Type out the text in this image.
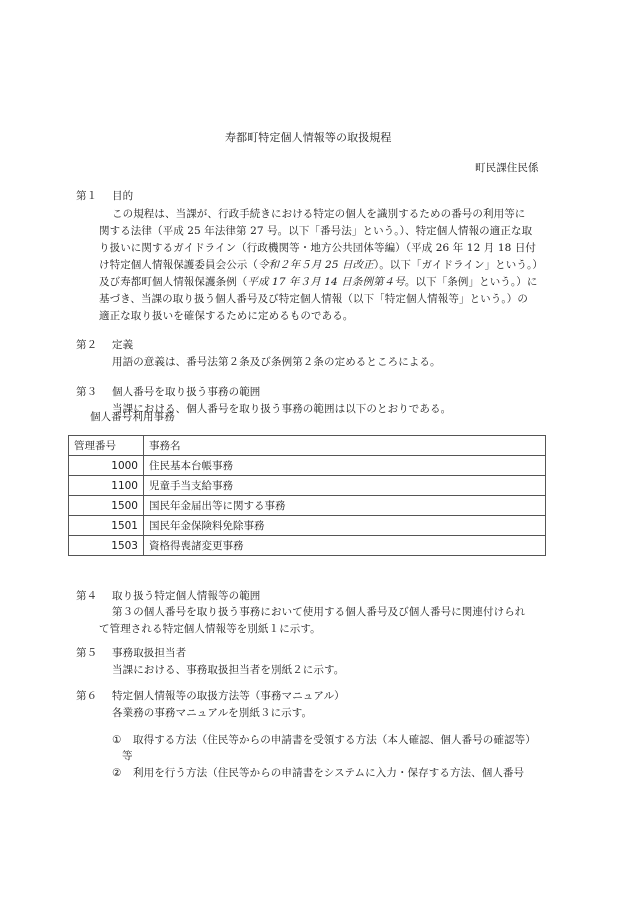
寿都町特定個人情報等の取扱規程
町民課住民係
第１ 目的
この規程は、当課が、行政手続きにおける特定の個人を識別するための番号の利用等に
関する法律（平成 25 年法律第 27 号。以下「番号法」という。）、特定個人情報の適正な取
り扱いに関するガイドライン（行政機関等・地方公共団体等編）（平成 26 年 12 月 18 日付
け特定個人情報保護委員会公示（令和２年５月 25 日改正）。以下「ガイドライン」という。）
及び寿都町個人情報保護条例（平成 17 年３月 14 日条例第４号。以下「条例」という。）に
基づき、当課の取り扱う個人番号及び特定個人情報（以下「特定個人情報等」という。）の
適正な取り扱いを確保するために定めるものである。
第２ 定義
用語の意義は、番号法第２条及び条例第２条の定めるところによる。
第３ 個人番号を取り扱う事務の範囲
当課における、個人番号を取り扱う事務の範囲は以下のとおりである。
個人番号利用事務
管理番号	事務名
1000	住民基本台帳事務
1100	児童手当支給事務
1500	国民年金届出等に関する事務
1501	国民年金保険料免除事務
1503	資格得喪諸変更事務
第４ 取り扱う特定個人情報等の範囲
第３の個人番号を取り扱う事務において使用する個人番号及び個人番号に関連付けられ
て管理される特定個人情報等を別紙１に示す。
第５ 事務取扱担当者
当課における、事務取扱担当者を別紙２に示す。
第６ 特定個人情報等の取扱方法等（事務マニュアル）
各業務の事務マニュアルを別紙３に示す。
① 取得する方法（住民等からの申請書を受領する方法（本人確認、個人番号の確認等）
等
② 利用を行う方法（住民等からの申請書をシステムに入力・保存する方法、個人番号
